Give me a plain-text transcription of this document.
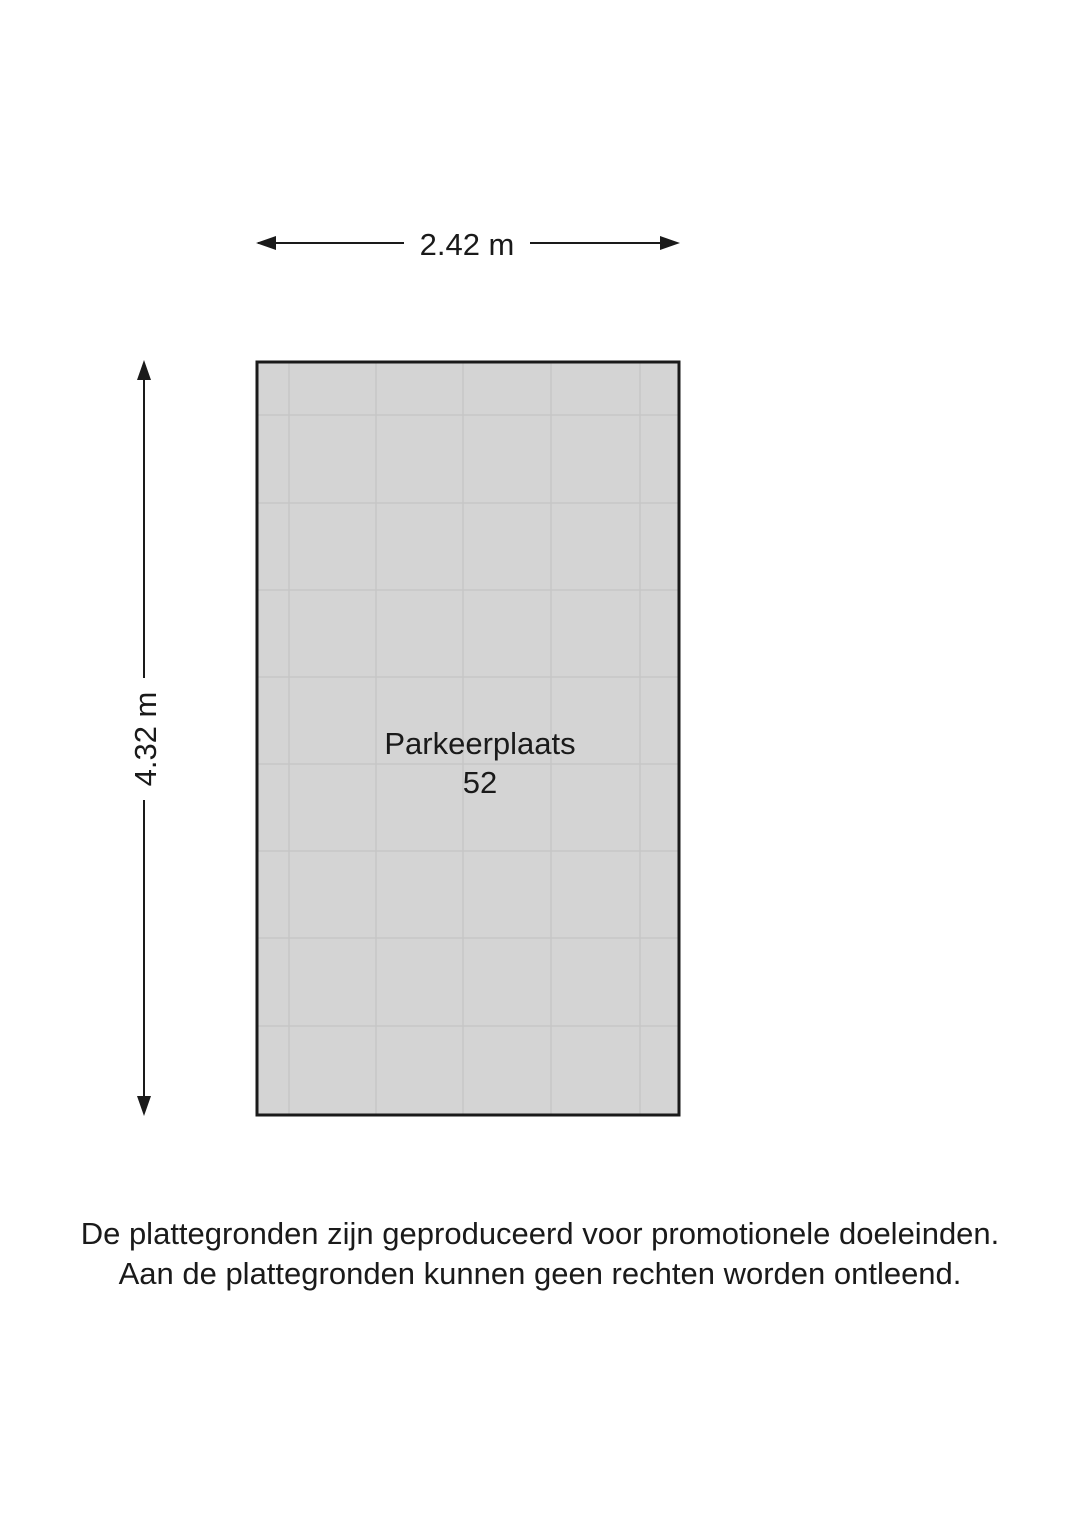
2.42 m
4.32 m	Parkeerplaats
52
De plattegronden zijn geproduceerd voor promotionele doeleinden.
Aan de plattegronden kunnen geen rechten worden ontleend.
